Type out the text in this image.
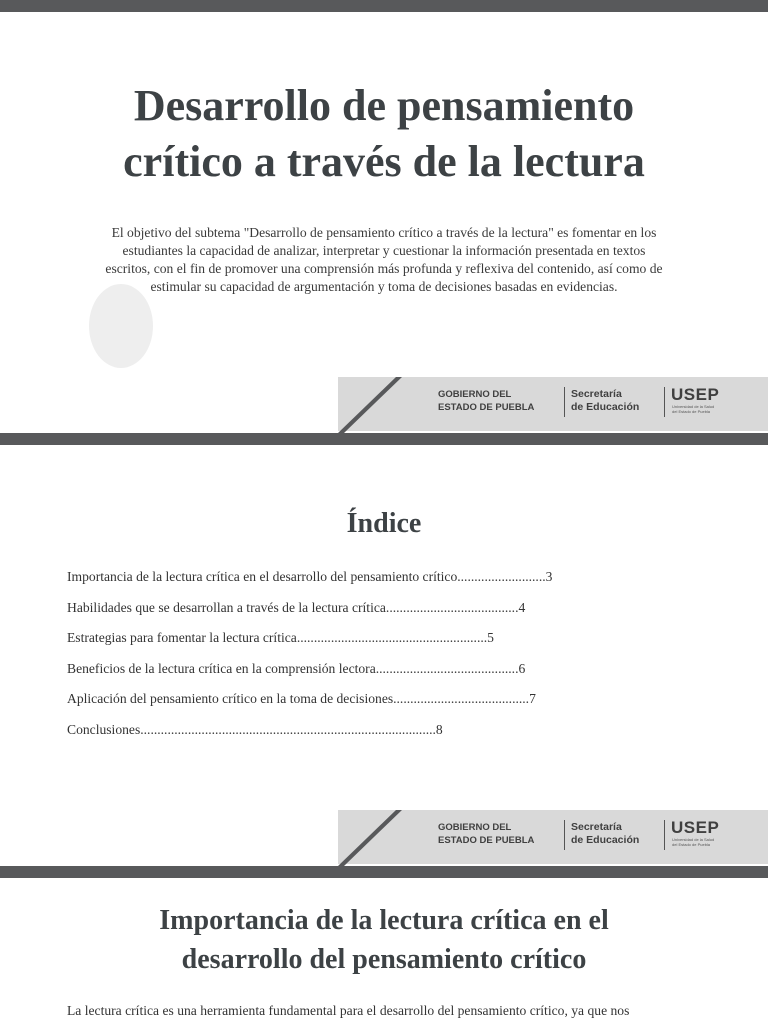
Desarrollo de pensamiento
crítico a través de la lectura

El objetivo del subtema "Desarrollo de pensamiento crítico a través de la lectura" es fomentar en los
estudiantes la capacidad de analizar, interpretar y cuestionar la información presentada en textos
escritos, con el fin de promover una comprensión más profunda y reflexiva del contenido, así como de
estimular su capacidad de argumentación y toma de decisiones basadas en evidencias.

GOBIERNO DEL
ESTADO DE PUEBLA
Secretaría
de Educación
USEP
Universidad de la Salud
del Estado de Puebla
Índice
Importancia de la lectura crítica en el desarrollo del pensamiento crítico..........................3
Habilidades que se desarrollan a través de la lectura crítica.......................................4
Estrategias para fomentar la lectura crítica........................................................5
Beneficios de la lectura crítica en la comprensión lectora..........................................6
Aplicación del pensamiento crítico en la toma de decisiones........................................7
Conclusiones.......................................................................................8
GOBIERNO DEL
ESTADO DE PUEBLA
Secretaría
de Educación
USEP
Universidad de la Salud
del Estado de Puebla
Importancia de la lectura crítica en el
desarrollo del pensamiento crítico

La lectura crítica es una herramienta fundamental para el desarrollo del pensamiento crítico, ya que nos
